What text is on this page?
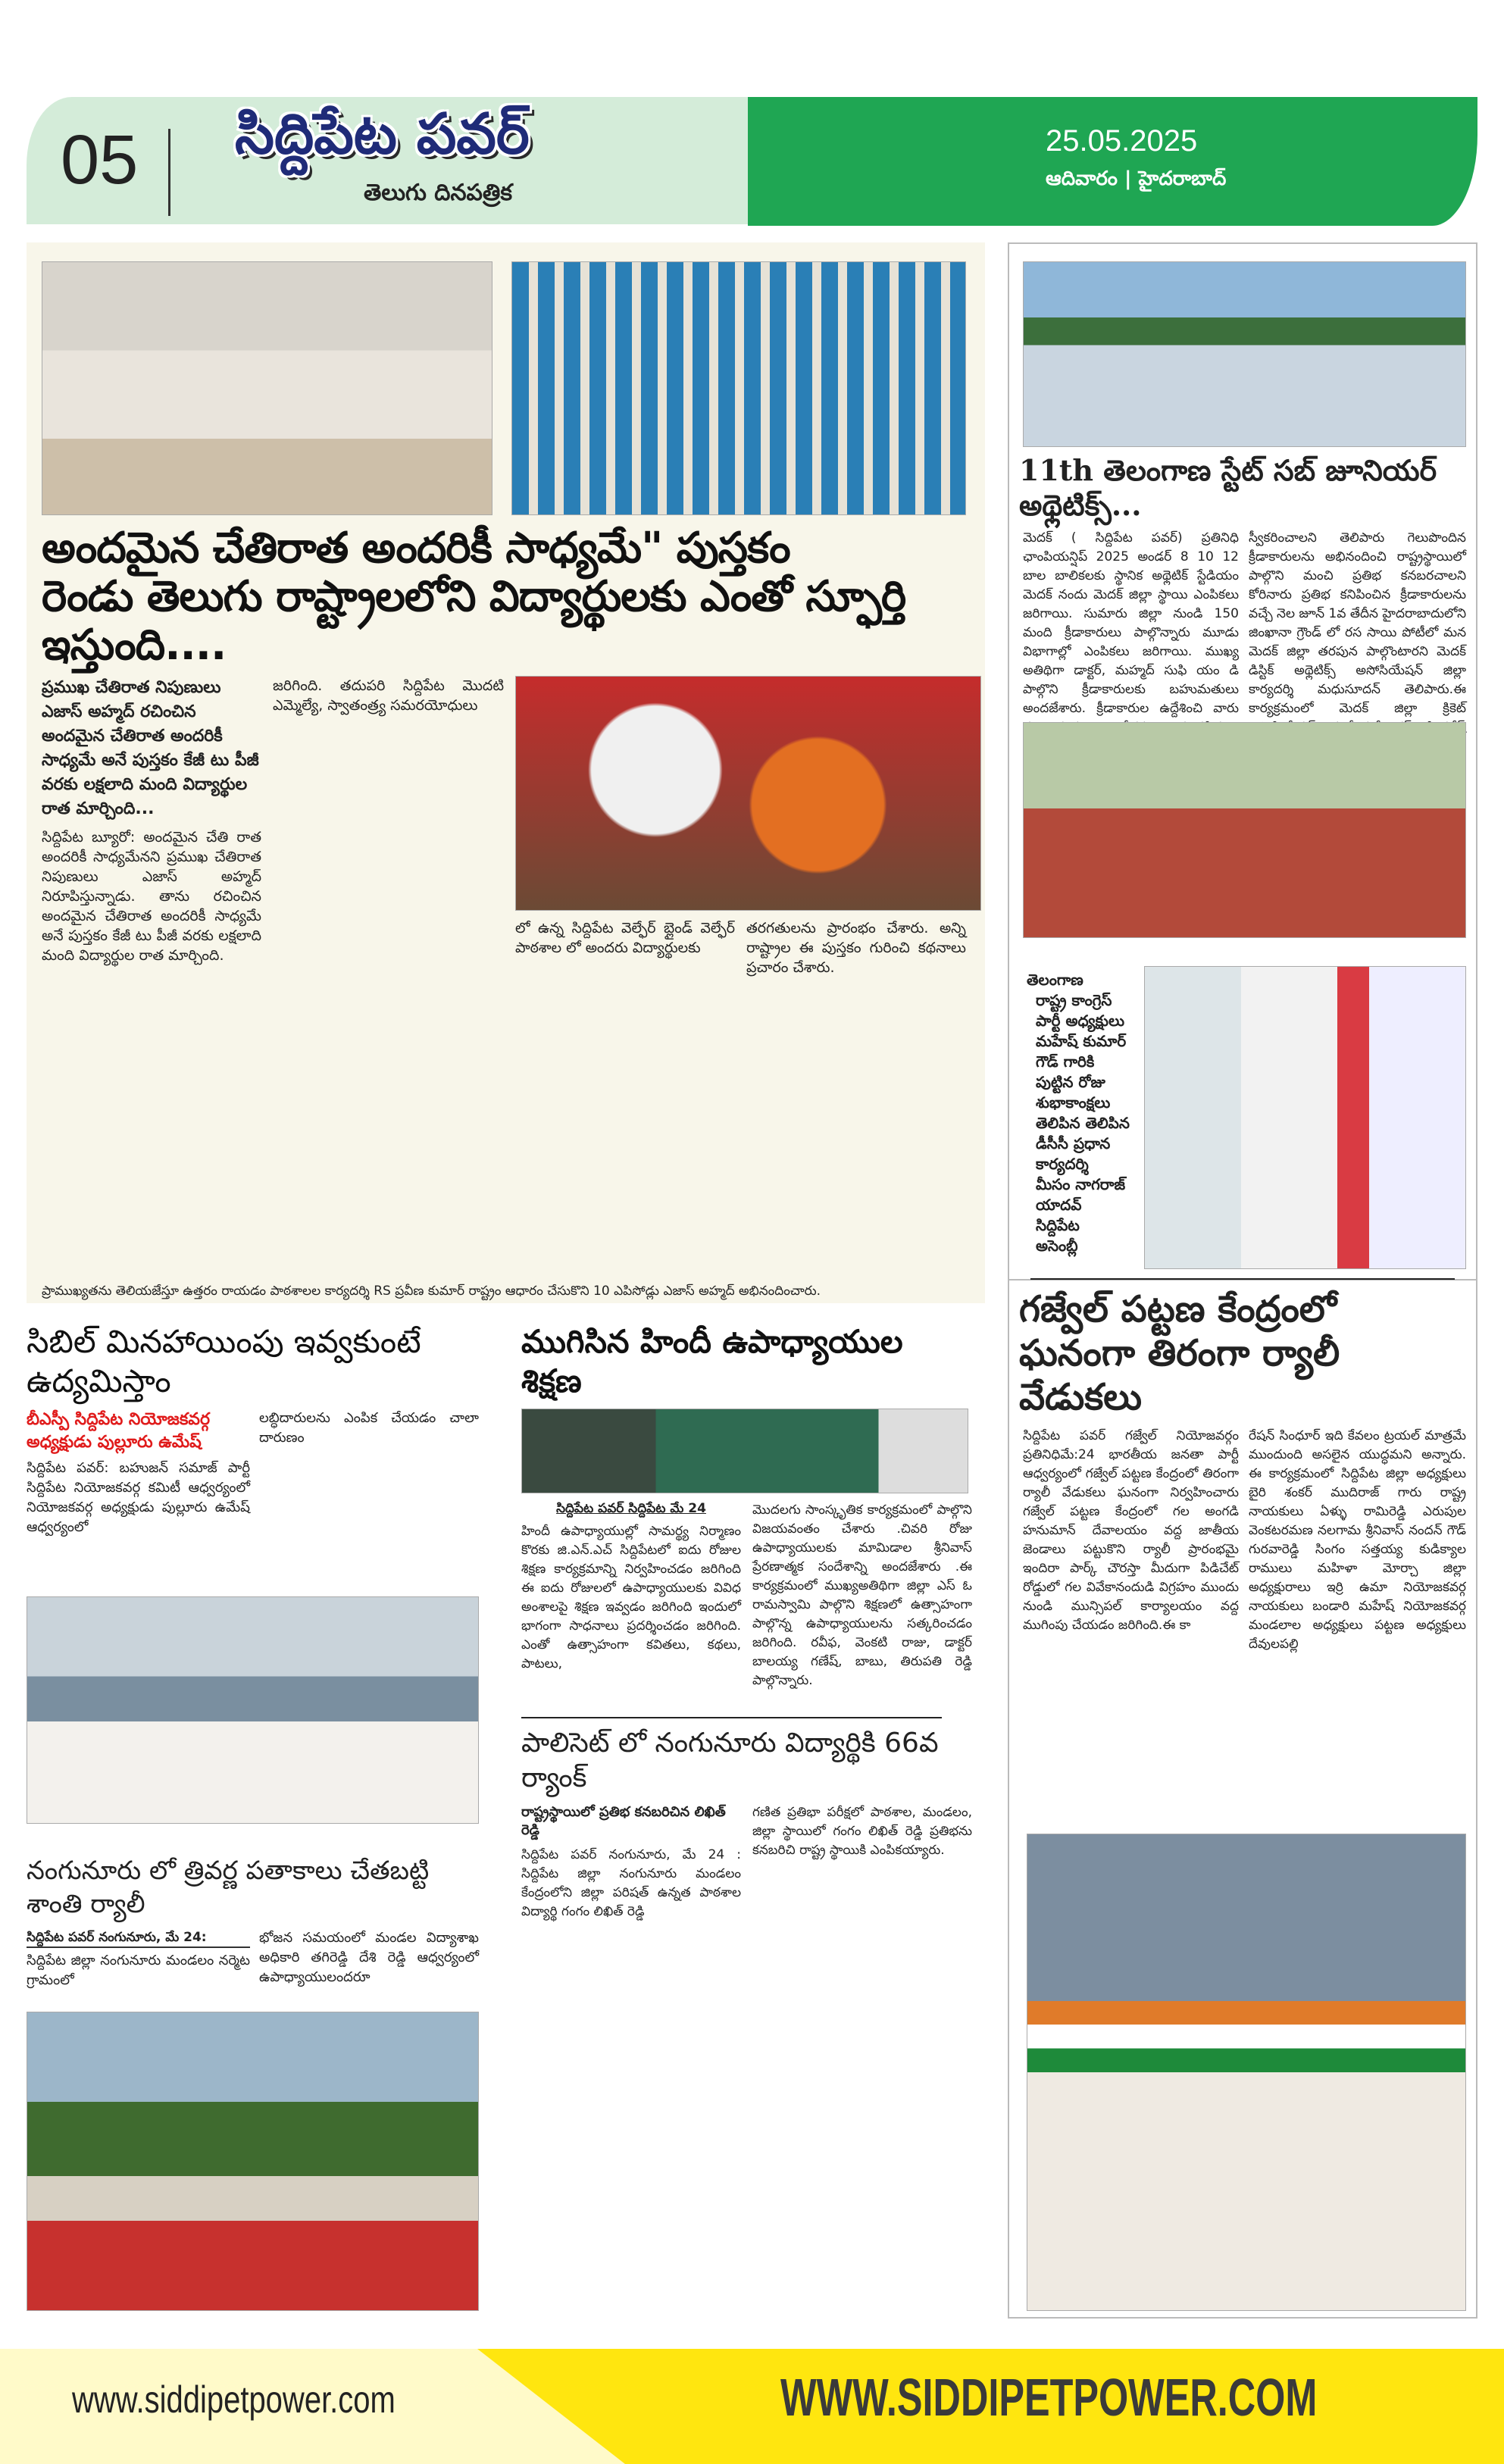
05 సిద్దిపేట పవర్
తెలుగు దినపత్రిక
25.05.2025
ఆదివారం | హైదరాబాద్
అందమైన చేతిరాత అందరికీ సాధ్యమే" పుస్తకం
రెండు తెలుగు రాష్ట్రాలలోని విద్యార్థులకు ఎంతో స్ఫూర్తి ఇస్తుంది....
ప్రముఖ చేతిరాత నిపుణులు ఎజాస్ అహ్మద్ రచించిన అందమైన చేతిరాత అందరికీ సాధ్యమే అనే పుస్తకం కేజీ టు పీజీ వరకు లక్షలాది మంది విద్యార్థుల రాత మార్చింది...
సిద్దిపేట బ్యూరో: అందమైన చేతి రాత అందరికీ సాధ్యమేనని ప్రముఖ చేతిరాత నిపుణులు ఎజాస్ అహ్మద్ నిరూపిస్తున్నాడు. తాను రచించిన అందమైన చేతిరాత అందరికీ సాధ్యమే అనే పుస్తకం కేజీ టు పీజీ వరకు లక్షలాది మంది విద్యార్థుల రాత మార్చింది.
జరిగింది. తదుపరి సిద్దిపేట మొదటి ఎమ్మెల్యే, స్వాతంత్ర్య సమరయోధులు
లో ఉన్న సిద్దిపేట వెల్ఫేర్ బ్లైండ్ వెల్ఫేర్ పాఠశాల లో అందరు విద్యార్థులకు
తరగతులను ప్రారంభం చేశారు. అన్ని రాష్ట్రాల ఈ పుస్తకం గురించి కథనాలు ప్రచారం చేశారు.
ప్రాముఖ్యతను తెలియజేస్తూ ఉత్తరం రాయడం పాఠశాలల కార్యదర్శి RS ప్రవీణ కుమార్ రాష్ట్రం ఆధారం చేసుకొని 10 ఎపిసోడ్లు ఎజాస్ అహ్మద్ అభినందించారు.
11th తెలంగాణ స్టేట్ సబ్ జూనియర్ అథ్లెటిక్స్...
మెదక్ ( సిద్దిపేట పవర్) ప్రతినిధి ఛాంపియన్షిప్ 2025 అండర్ 8 10 12 బాల బాలికలకు స్థానిక అథ్లెటిక్ స్టేడియం మెదక్ నందు మెదక్ జిల్లా స్థాయి ఎంపికలు జరిగాయి. సుమారు జిల్లా నుండి 150 మంది క్రీడాకారులు పాల్గొన్నారు మూడు విభాగాల్లో ఎంపికలు జరిగాయి. ముఖ్య అతిథిగా డాక్టర్, మహ్మద్ సుఫి యం డి పాల్గొని క్రీడాకారులకు బహుమతులు అందజేశారు. క్రీడాకారుల ఉద్దేశించి వారు
స్వీకరించాలని తెలిపారు గెలుపొందిన క్రీడాకారులను అభినందించి రాష్ట్రస్థాయిలో పాల్గొని మంచి ప్రతిభ కనబరచాలని కోరినారు ప్రతిభ కనిపించిన క్రీడాకారులను వచ్చే నెల జూన్ 1వ తేదీన హైదరాబాదులోని జింఖానా గ్రౌండ్ లో రస సాయి పోటీలో మన మెదక్ జిల్లా తరపున పాల్గొంటారని మెదక్ డిస్టిక్ అథ్లెటిక్స్ అసోసియేషన్ జిల్లా కార్యదర్శి మధుసూదన్ తెలిపారు.ఈ కార్యక్రమంలో మెదక్ జిల్లా క్రికెట్
తెలంగాణ
రాష్ట్ర కాంగ్రెస్
పార్టీ అధ్యక్షులు
మహేష్ కుమార్
గౌడ్ గారికి
పుట్టిన రోజు
శుభాకాంక్షలు
తెలిపిన తెలిపిన
డీసీసీ ప్రధాన
కార్యదర్శి
మీసం నాగరాజ్
యాదవ్
సిద్దిపేట
అసెంబ్లీ
గజ్వేల్ పట్టణ కేంద్రంలో
ఘనంగా తిరంగా ర్యాలీ వేడుకలు
సిద్దిపేట పవర్ గజ్వేల్ నియోజవర్గం ప్రతినిధిమే:24 భారతీయ జనతా పార్టీ ఆధ్వర్యంలో గజ్వేల్ పట్టణ కేంద్రంలో తిరంగా ర్యాలీ వేడుకలు ఘనంగా నిర్వహించారు గజ్వేల్ పట్టణ కేంద్రంలో గల అంగడి హనుమాన్ దేవాలయం వద్ద జాతీయ జెండాలు పట్టుకొని ర్యాలీ ప్రారంభమై ఇందిరా పార్క్ చౌరస్తా మీదుగా పిడిచేట్ రోడ్డులో గల వివేకానందుడి విగ్రహం ముందు నుండి మున్సిపల్ కార్యాలయం వద్ద ముగింపు చేయడం జరిగింది.ఈ కా
రేషన్ సింధూర్ ఇది కేవలం ట్రయల్ మాత్రమే ముందుంది అసలైన యుద్ధమని అన్నారు. ఈ కార్యక్రమంలో సిద్దిపేట జిల్లా అధ్యక్షులు బైరి శంకర్ ముదిరాజ్ గారు రాష్ట్ర నాయకులు ఏళ్ళు రామిరెడ్డి ఎరుపుల వెంకటరమణ నలగామ శ్రీనివాస్ నందన్ గౌడ్ గురవారెడ్డి సింగం సత్తయ్య కుడిక్యాల రాములు మహిళా మోర్చా జిల్లా అధ్యక్షురాలు ఇర్రి ఉమా నియోజకవర్గ నాయకులు బండారి మహేష్ నియోజకవర్గ మండలాల అధ్యక్షులు పట్టణ అధ్యక్షులు దేవులపల్లి
సిబిల్ మినహాయింపు ఇవ్వకుంటే ఉద్యమిస్తాం
బీఎస్పీ సిద్దిపేట నియోజకవర్గ అధ్యక్షుడు పుల్లూరు ఉమేష్
సిద్దిపేట పవర్: బహుజన్ సమాజ్ పార్టీ సిద్దిపేట నియోజకవర్గ కమిటీ ఆధ్వర్యంలో నియోజకవర్గ అధ్యక్షుడు పుల్లూరు ఉమేష్ ఆధ్వర్యంలో
లబ్ధిదారులను ఎంపిక చేయడం చాలా దారుణం
నంగునూరు లో త్రివర్ణ పతాకాలు చేతబట్టి శాంతి ర్యాలీ
సిద్దిపేట పవర్ నంగునూరు, మే 24:
సిద్దిపేట జిల్లా నంగునూరు మండలం నర్మెట గ్రామంలో
భోజన సమయంలో మండల విద్యాశాఖ అధికారి తగిరెడ్డి దేశి రెడ్డి ఆధ్వర్యంలో ఉపాధ్యాయులందరూ
ముగిసిన హిందీ ఉపాధ్యాయుల శిక్షణ
సిద్దిపేట పవర్ సిద్దిపేట మే 24
హిందీ ఉపాధ్యాయుల్లో సామర్థ్య నిర్మాణం కొరకు జి.ఎన్.ఎచ్ సిద్దిపేటలో ఐదు రోజుల శిక్షణ కార్యక్రమాన్ని నిర్వహించడం జరిగింది ఈ ఐదు రోజులలో ఉపాధ్యాయులకు వివిధ అంశాలపై శిక్షణ ఇవ్వడం జరిగింది ఇందులో భాగంగా సాధనాలు ప్రదర్శించడం జరిగింది. ఎంతో ఉత్సాహంగా కవితలు, కథలు, పాటలు,
మొదలగు సాంస్కృతిక కార్యక్రమంలో పాల్గొని విజయవంతం చేశారు .చివరి రోజు ఉపాధ్యాయులకు మామిడాల శ్రీనివాస్ ప్రేరణాత్మక సందేశాన్ని అందజేశారు .ఈ కార్యక్రమంలో ముఖ్యఅతిథిగా జిల్లా ఎస్ ఓ రామస్వామి పాల్గొని శిక్షణలో ఉత్సాహంగా పాల్గొన్న ఉపాధ్యాయులను సత్కరించడం జరిగింది. రవీఫ, వెంకటి రాజు, డాక్టర్ బాలయ్య గణేష్, బాబు, తిరుపతి రెడ్డి పాల్గొన్నారు.
పాలిసెట్ లో నంగునూరు విద్యార్థికి 66వ ర్యాంక్
రాష్ట్రస్థాయిలో ప్రతిభ కనబరిచిన లిఖిత్ రెడ్డి
సిద్దిపేట పవర్ నంగునూరు, మే 24 : సిద్దిపేట జిల్లా నంగునూరు మండలం కేంద్రంలోని జిల్లా పరిషత్ ఉన్నత పాఠశాల విద్యార్థి గంగం లిఖిత్ రెడ్డి
గణిత ప్రతిభా పరీక్షలో పాఠశాల, మండలం, జిల్లా స్థాయిలో గంగం లిఖిత్ రెడ్డి ప్రతిభను కనబరిచి రాష్ట్ర స్థాయికి ఎంపికయ్యారు.
www.siddipetpower.com	WWW.SIDDIPETPOWER.COM
